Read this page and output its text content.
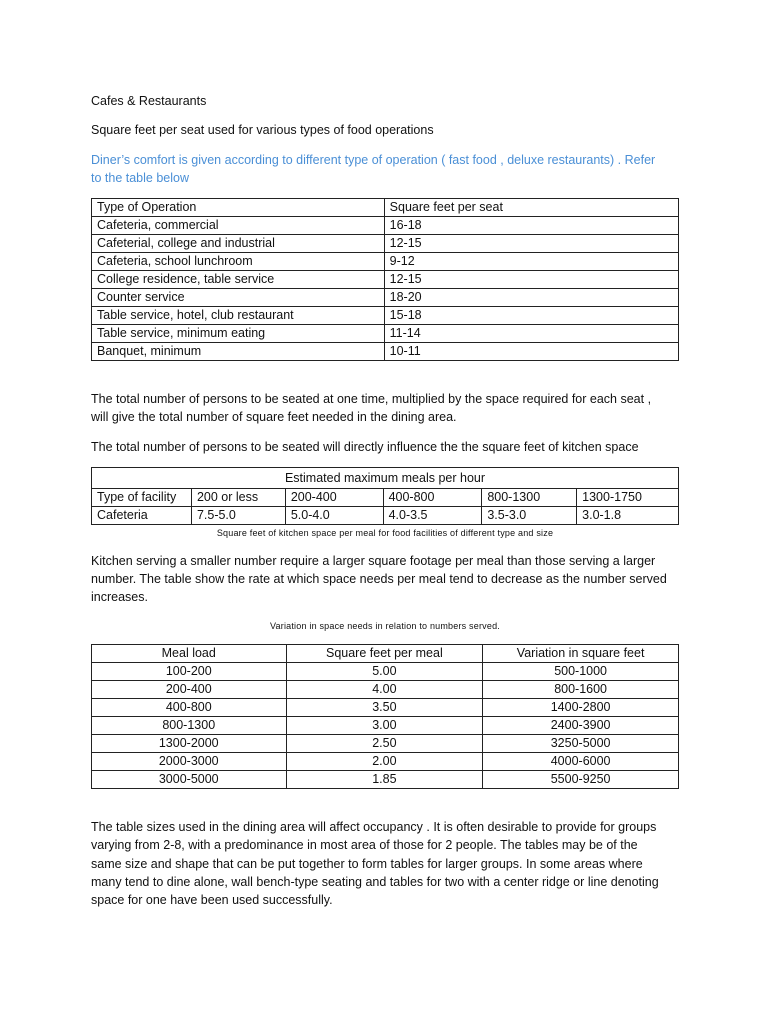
Cafes & Restaurants
Square feet per seat used for various types of food operations
Diner’s comfort is given according to different type of operation ( fast food , deluxe restaurants) . Refer
to the table below
Type of Operation	Square feet per seat
Cafeteria, commercial	16-18
Cafeterial, college and industrial	12-15
Cafeteria, school lunchroom	9-12
College residence, table service	12-15
Counter service	18-20
Table service, hotel, club restaurant	15-18
Table service, minimum eating	11-14
Banquet, minimum	10-11
The total number of persons to be seated at one time, multiplied by the space required for each seat ,
will give the total number of square feet needed in the dining area.
The total number of persons to be seated will directly influence the the square feet of kitchen space
Estimated maximum meals per hour					
Type of facility	200 or less	200-400	400-800	800-1300	1300-1750
Cafeteria	7.5-5.0	5.0-4.0	4.0-3.5	3.5-3.0	3.0-1.8
Square feet of kitchen space per meal for food facilities of different type and size
Kitchen serving a smaller number require a larger square footage per meal than those serving a larger
number. The table show the rate at which space needs per meal tend to decrease as the number served
increases.
Variation in space needs in relation to numbers served.
Meal load	Square feet per meal	Variation in square feet
100-200	5.00	500-1000
200-400	4.00	800-1600
400-800	3.50	1400-2800
800-1300	3.00	2400-3900
1300-2000	2.50	3250-5000
2000-3000	2.00	4000-6000
3000-5000	1.85	5500-9250
The table sizes used in the dining area will affect occupancy . It is often desirable to provide for groups
varying from 2-8, with a predominance in most area of those for 2 people. The tables may be of the
same size and shape that can be put together to form tables for larger groups. In some areas where
many tend to dine alone, wall bench-type seating and tables for two with a center ridge or line denoting
space for one have been used successfully.
